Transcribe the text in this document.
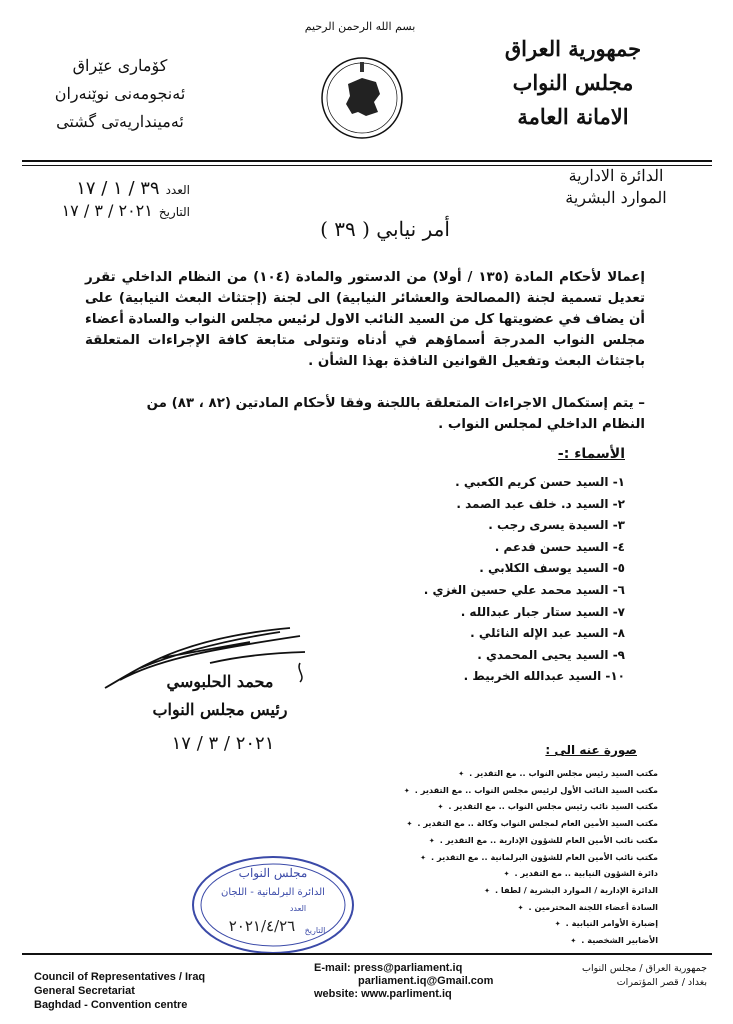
كۆماری عێراق
ئەنجومەنی نوێنەران
ئەمینداریەتی گشتی
بسم الله الرحمن الرحيم
جمهورية العراق
مجلس النواب
الامانة العامة
العدد
٣٩ / ١ / ١٧
التاريخ
٢٠٢١ / ٣ / ١٧
الدائرة الادارية
الموارد البشرية
أمر نيابي ( ٣٩ )
إعمالا لأحكام المادة (١٣٥ / أولا) من الدستور والمادة (١٠٤) من النظام الداخلي تقرر تعديل تسمية لجنة (المصالحة والعشائر النيابية) الى لجنة (إجتثاث البعث النيابية) على أن يضاف في عضويتها كل من السيد النائب الاول لرئيس مجلس النواب والسادة أعضاء مجلس النواب المدرجة أسماؤهم في أدناه وتتولى متابعة كافة الإجراءات المتعلقة باجتثاث البعث وتفعيل القوانين النافذة بهذا الشأن .
– يتم إستكمال الاجراءات المتعلقة باللجنة وفقا لأحكام المادتين (٨٢ ، ٨٣) من النظام الداخلي لمجلس النواب .
الأسماء :-
١- السيد حسن كريم الكعبي .
٢- السيد د. خلف عبد الصمد .
٣- السيدة يسرى رجب .
٤- السيد حسن فدعم .
٥- السيد يوسف الكلابي .
٦- السيد محمد علي حسين الغزي .
٧- السيد ستار جبار عبدالله .
٨- السيد عبد الإله النائلي .
٩- السيد يحيى المحمدي .
١٠- السيد عبدالله الخربيط .
محمد الحلبوسي
رئيس مجلس النواب
٢٠٢١ / ٣ / ١٧	صورة عنه الى :
مكتب السيد رئيس مجلس النواب .. مع التقدير . ✦
مكتب السيد النائب الأول لرئيس مجلس النواب .. مع التقدير . ✦
مكتب السيد نائب رئيس مجلس النواب .. مع التقدير . ✦
مكتب السيد الأمين العام لمجلس النواب وكالة .. مع التقدير . ✦
مكتب نائب الأمين العام للشؤون الإدارية .. مع التقدير . ✦
مكتب نائب الأمين العام للشؤون البرلمانية .. مع التقدير . ✦
دائرة الشؤون النيابية .. مع التقدير . ✦
الدائرة الإدارية / الموارد البشرية / لطفا . ✦
السادة أعضاء اللجنة المحترمين . ✦
إضبارة الأوامر النيابية . ✦
الأضابير الشخصية . ✦
مجلس النواب
الدائرة البرلمانية - اللجان
العدد
التاريخ
٢٠٢١/٤/٢٦
Council of Representatives / Iraq
General Secretariat
Baghdad - Convention centre
E-mail: press@parliament.iq
parliament.iq@Gmail.com
website: www.parliment.iq
جمهورية العراق / مجلس النواب
بغداد / قصر المؤتمرات
